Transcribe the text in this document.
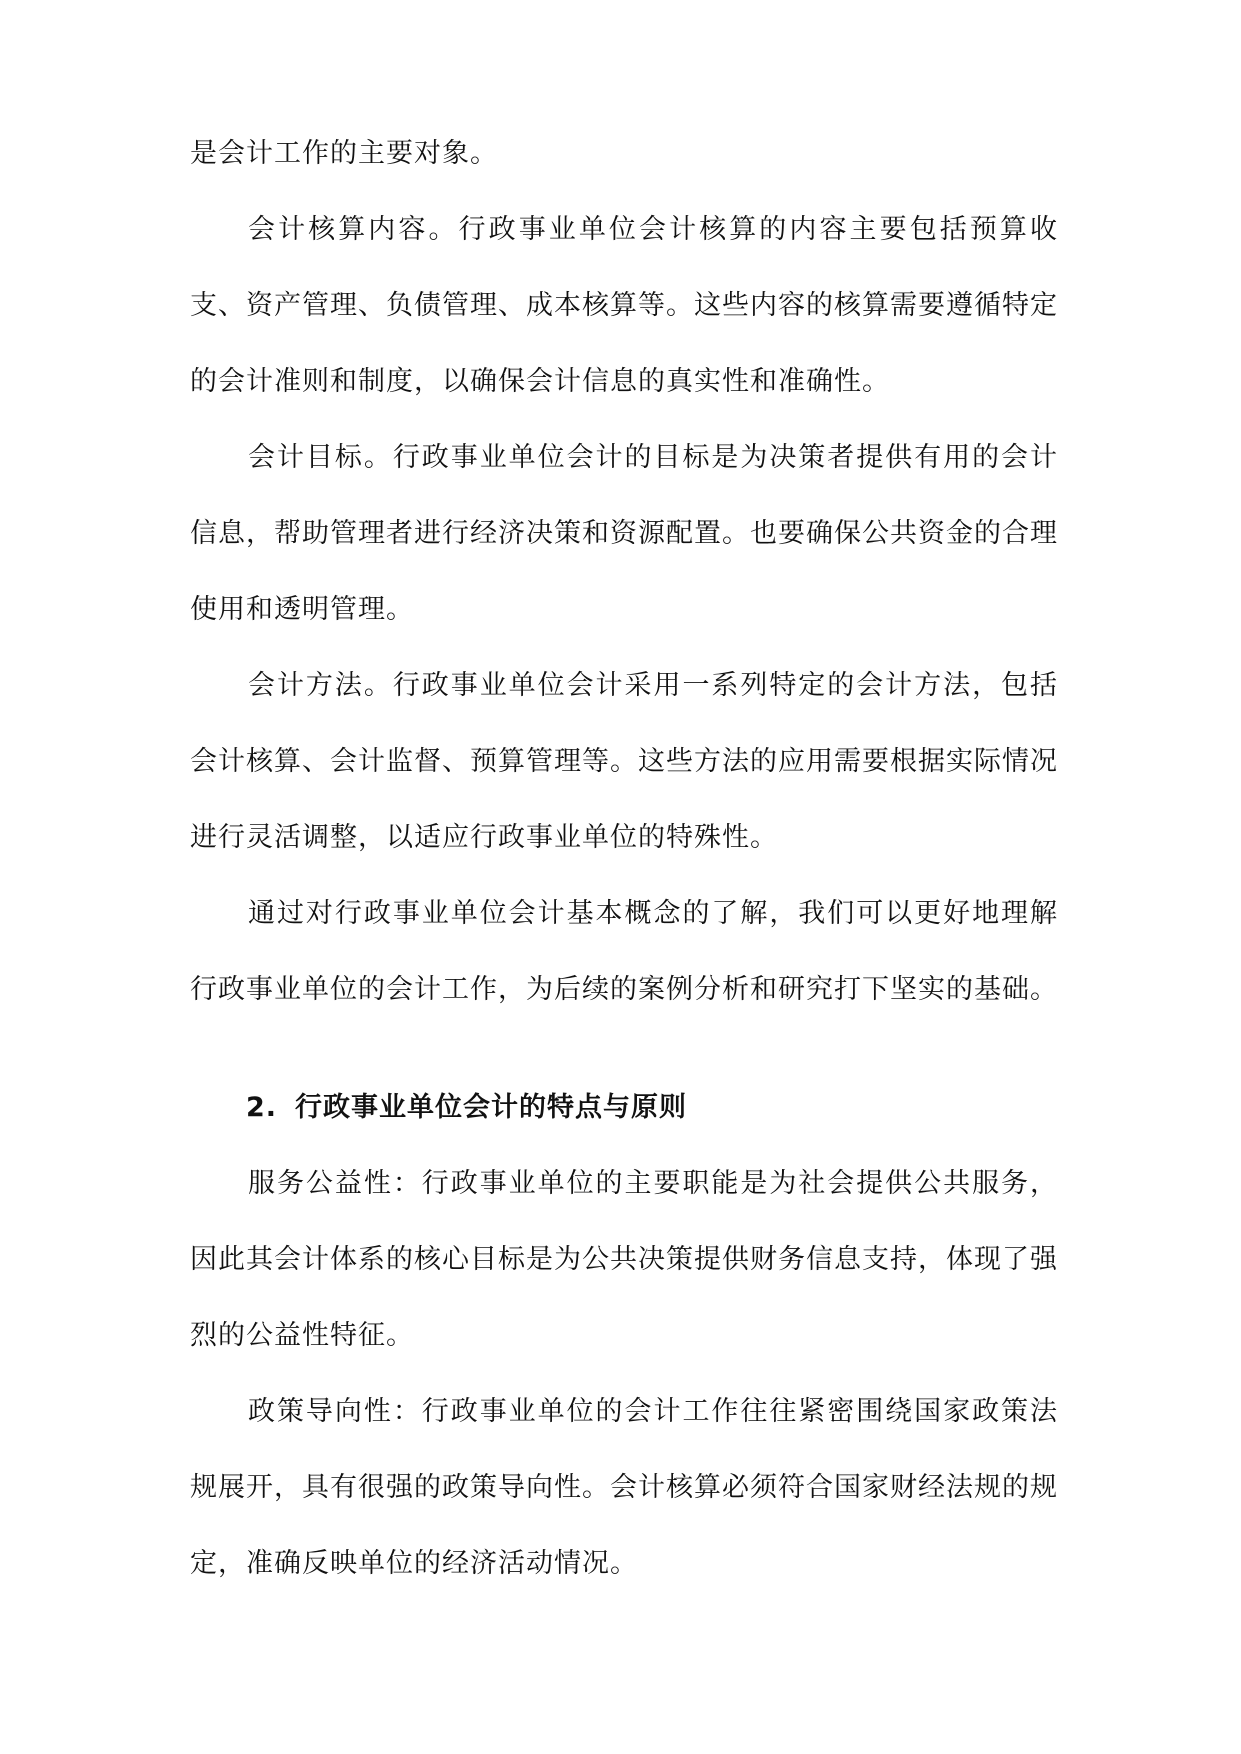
是会计工作的主要对象。

会计核算内容。行政事业单位会计核算的内容主要包括预算收支、资产管理、负债管理、成本核算等。这些内容的核算需要遵循特定的会计准则和制度，以确保会计信息的真实性和准确性。

会计目标。行政事业单位会计的目标是为决策者提供有用的会计信息，帮助管理者进行经济决策和资源配置。也要确保公共资金的合理使用和透明管理。

会计方法。行政事业单位会计采用一系列特定的会计方法，包括会计核算、会计监督、预算管理等。这些方法的应用需要根据实际情况进行灵活调整，以适应行政事业单位的特殊性。

通过对行政事业单位会计基本概念的了解，我们可以更好地理解行政事业单位的会计工作，为后续的案例分析和研究打下坚实的基础。

2. 行政事业单位会计的特点与原则

服务公益性：行政事业单位的主要职能是为社会提供公共服务，因此其会计体系的核心目标是为公共决策提供财务信息支持，体现了强烈的公益性特征。

政策导向性：行政事业单位的会计工作往往紧密围绕国家政策法规展开，具有很强的政策导向性。会计核算必须符合国家财经法规的规定，准确反映单位的经济活动情况。
